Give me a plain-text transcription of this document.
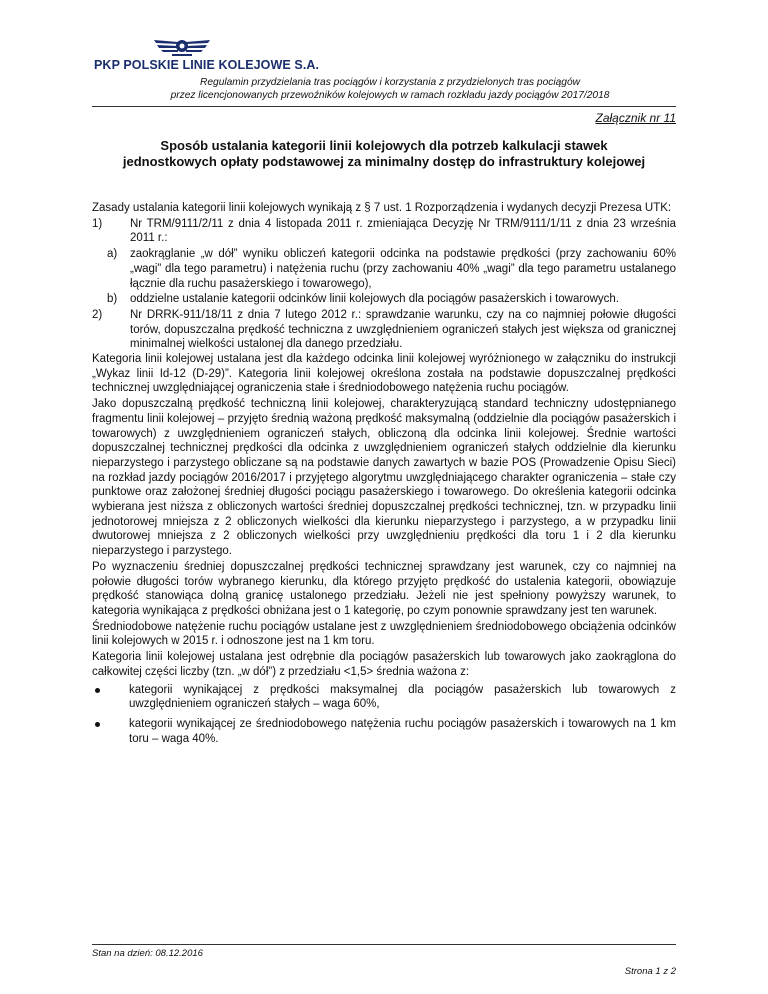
PKP POLSKIE LINIE KOLEJOWE S.A.
Regulamin przydzielania tras pociągów i korzystania z przydzielonych tras pociągów
przez licencjonowanych przewoźników kolejowych w ramach rozkładu jazdy pociągów 2017/2018
Załącznik nr 11
Sposób ustalania kategorii linii kolejowych dla potrzeb kalkulacji stawek
jednostkowych opłaty podstawowej za minimalny dostęp do infrastruktury kolejowej

Zasady ustalania kategorii linii kolejowych wynikają z § 7 ust. 1 Rozporządzenia i wydanych decyzji Prezesa UTK:

1) Nr TRM/9111/2/11 z dnia 4 listopada 2011 r. zmieniająca Decyzję Nr TRM/9111/1/11 z dnia 23 września 2011 r.:
a) zaokrąglanie „w dół” wyniku obliczeń kategorii odcinka na podstawie prędkości (przy zachowaniu 60% „wagi” dla tego parametru) i natężenia ruchu (przy zachowaniu 40% „wagi” dla tego parametru ustalanego łącznie dla ruchu pasażerskiego i towarowego),
b) oddzielne ustalanie kategorii odcinków linii kolejowych dla pociągów pasażerskich i towarowych.
2) Nr DRRK-911/18/11 z dnia 7 lutego 2012 r.: sprawdzanie warunku, czy na co najmniej połowie długości torów, dopuszczalna prędkość techniczna z uwzględnieniem ograniczeń stałych jest większa od granicznej minimalnej wielkości ustalonej dla danego przedziału.

Kategoria linii kolejowej ustalana jest dla każdego odcinka linii kolejowej wyróżnionego w załączniku do instrukcji „Wykaz linii Id-12 (D-29)”. Kategoria linii kolejowej określona została na podstawie dopuszczalnej prędkości technicznej uwzględniającej ograniczenia stałe i średniodobowego natężenia ruchu pociągów.

Jako dopuszczalną prędkość techniczną linii kolejowej, charakteryzującą standard techniczny udostępnianego fragmentu linii kolejowej – przyjęto średnią ważoną prędkość maksymalną (oddzielnie dla pociągów pasażerskich i towarowych) z uwzględnieniem ograniczeń stałych, obliczoną dla odcinka linii kolejowej. Średnie wartości dopuszczalnej technicznej prędkości dla odcinka z uwzględnieniem ograniczeń stałych oddzielnie dla kierunku nieparzystego i parzystego obliczane są na podstawie danych zawartych w bazie POS (Prowadzenie Opisu Sieci) na rozkład jazdy pociągów 2016/2017 i przyjętego algorytmu uwzględniającego charakter ograniczenia – stałe czy punktowe oraz założonej średniej długości pociągu pasażerskiego i towarowego. Do określenia kategorii odcinka wybierana jest niższa z obliczonych wartości średniej dopuszczalnej prędkości technicznej, tzn. w przypadku linii jednotorowej mniejsza z 2 obliczonych wielkości dla kierunku nieparzystego i parzystego, a w przypadku linii dwutorowej mniejsza z 2 obliczonych wielkości przy uwzględnieniu prędkości dla toru 1 i 2 dla kierunku nieparzystego i parzystego.

Po wyznaczeniu średniej dopuszczalnej prędkości technicznej sprawdzany jest warunek, czy co najmniej na połowie długości torów wybranego kierunku, dla którego przyjęto prędkość do ustalenia kategorii, obowiązuje prędkość stanowiąca dolną granicę ustalonego przedziału. Jeżeli nie jest spełniony powyższy warunek, to kategoria wynikająca z prędkości obniżana jest o 1 kategorię, po czym ponownie sprawdzany jest ten warunek.

Średniodobowe natężenie ruchu pociągów ustalane jest z uwzględnieniem średniodobowego obciążenia odcinków linii kolejowych w 2015 r. i odnoszone jest na 1 km toru.

Kategoria linii kolejowej ustalana jest odrębnie dla pociągów pasażerskich lub towarowych jako zaokrąglona do całkowitej części liczby (tzn. „w dół”) z przedziału <1,5> średnia ważona z:

kategorii wynikającej z prędkości maksymalnej dla pociągów pasażerskich lub towarowych z uwzględnieniem ograniczeń stałych – waga 60%,
kategorii wynikającej ze średniodobowego natężenia ruchu pociągów pasażerskich i towarowych na 1 km toru – waga 40%.
Stan na dzień: 08.12.2016
Strona 1 z 2
